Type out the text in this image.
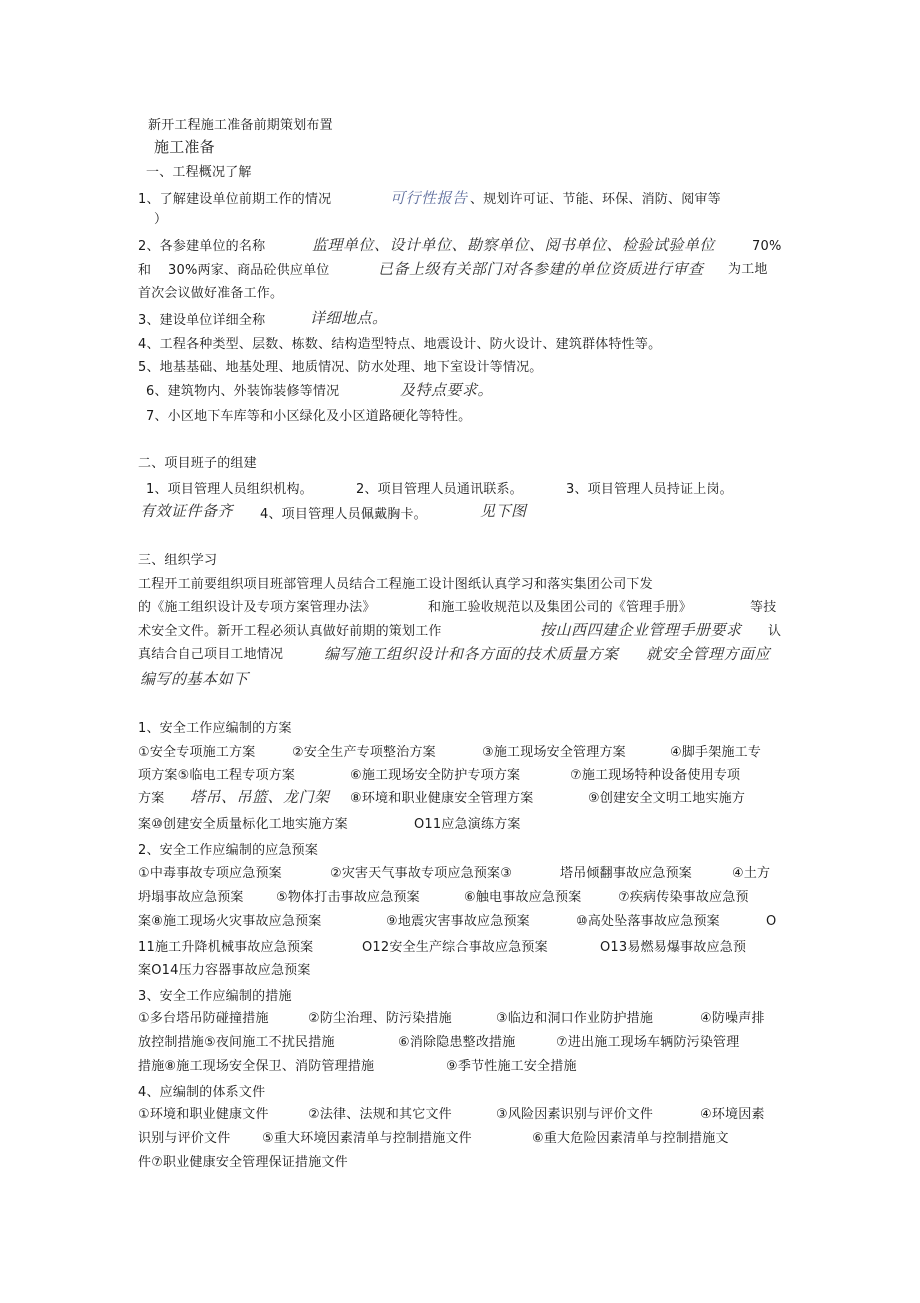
新开工程施工准备前期策划布置
施工准备
一、工程概况了解
1、了解建设单位前期工作的情况	可行性报告 、规划许可证、节能、环保、消防、阅审等
）
2、各参建单位的名称	监理单位、设计单位、勘察单位、阅书单位、检验试验单位	70%
和 30%两家、商品砼供应单位	已备上级有关部门对各参建的单位资质进行审查 为工地
首次会议做好准备工作。
3、建设单位详细全称	详细地点。
4、工程各种类型、层数、栋数、结构造型特点、地震设计、防火设计、建筑群体特性等。
5、地基基础、地基处理、地质情况、防水处理、地下室设计等情况。
6、建筑物内、外装饰装修等情况	及特点要求。
7、小区地下车库等和小区绿化及小区道路硬化等特性。
二、项目班子的组建
1、项目管理人员组织机构。	2、项目管理人员通讯联系。	3、项目管理人员持证上岗。
有效证件备齐 4、项目管理人员佩戴胸卡。	见下图
三、组织学习
工程开工前要组织项目班部管理人员结合工程施工设计图纸认真学习和落实集团公司下发
的《施工组织设计及专项方案管理办法》	和施工验收规范以及集团公司的《管理手册》	等技
术安全文件。新开工程必须认真做好前期的策划工作	按山西四建企业管理手册要求 认
真结合自己项目工地情况	编写施工组织设计和各方面的技术质量方案 就安全管理方面应
编写的基本如下
1、安全工作应编制的方案
①安全专项施工方案	②安全生产专项整治方案	③施工现场安全管理方案	④脚手架施工专
项方案⑤临电工程专项方案	⑥施工现场安全防护专项方案	⑦施工现场特种设备使用专项
方案 塔吊、吊篮、龙门架 ⑧环境和职业健康安全管理方案	⑨创建安全文明工地实施方
案⑩创建安全质量标化工地实施方案	O11应急演练方案
2、安全工作应编制的应急预案
①中毒事故专项应急预案	②灾害天气事故专项应急预案③	塔吊倾翻事故应急预案	④土方
坍塌事故应急预案 ⑤物体打击事故应急预案	⑥触电事故应急预案	⑦疾病传染事故应急预
案⑧施工现场火灾事故应急预案	⑨地震灾害事故应急预案	⑩高处坠落事故应急预案	O
11施工升降机械事故应急预案	O12安全生产综合事故应急预案	O13易燃易爆事故应急预
案O14压力容器事故应急预案
3、安全工作应编制的措施
①多台塔吊防碰撞措施	②防尘治理、防污染措施	③临边和洞口作业防护措施	④防噪声排
放控制措施⑤夜间施工不扰民措施	⑥消除隐患整改措施	⑦进出施工现场车辆防污染管理
措施⑧施工现场安全保卫、消防管理措施	⑨季节性施工安全措施
4、应编制的体系文件
①环境和职业健康文件	②法律、法规和其它文件	③风险因素识别与评价文件	④环境因素
识别与评价文件 ⑤重大环境因素清单与控制措施文件	⑥重大危险因素清单与控制措施文
件⑦职业健康安全管理保证措施文件
